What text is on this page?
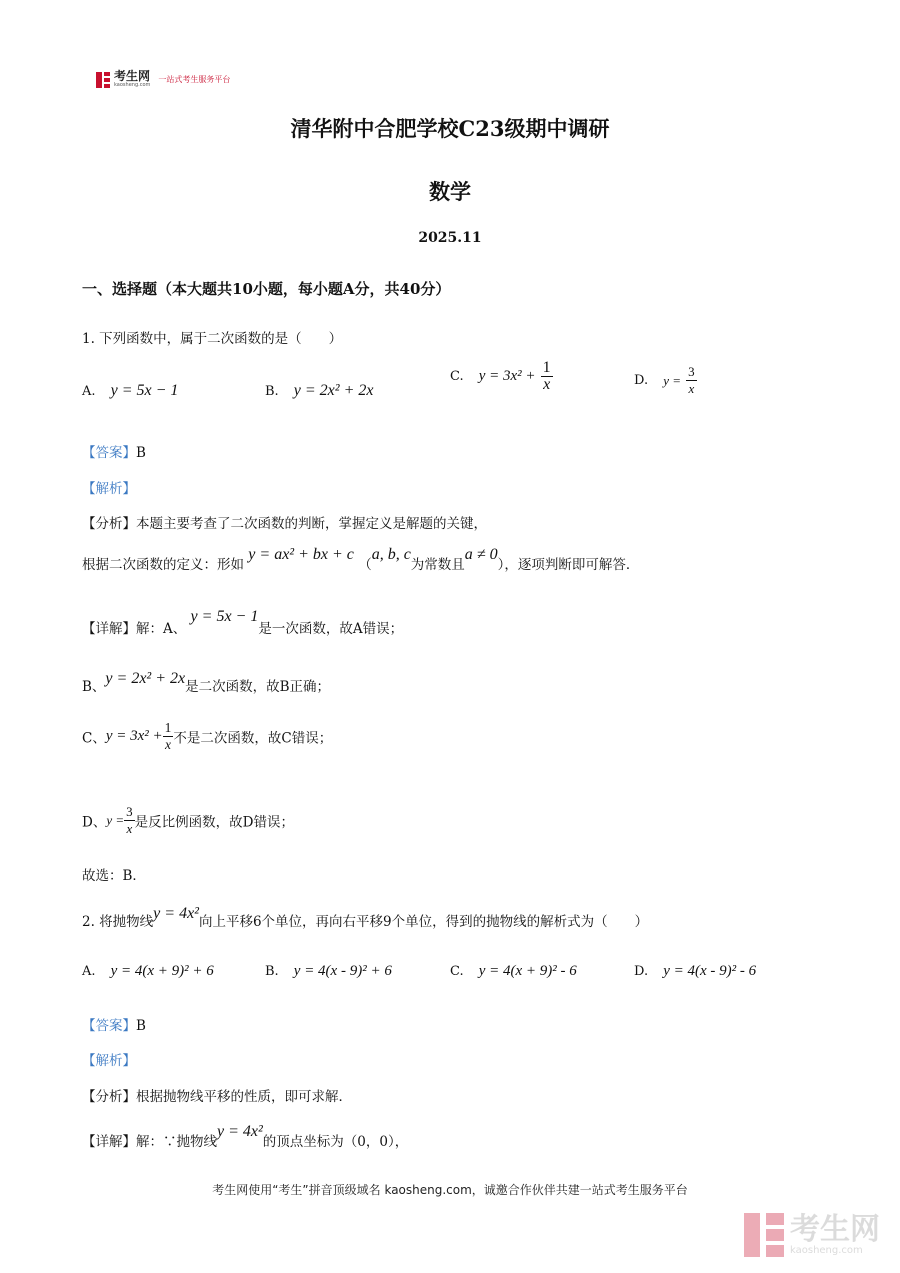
考生网
kaosheng.com
一站式考生服务平台
清华附中合肥学校C23级期中调研
数学
2025.11
一、选择题（本大题共10小题，每小题A分，共40分）
1. 下列函数中，属于二次函数的是（　　）
A. y = 5x − 1	B. y = 2x² + 2x
C. $y = 3x^2 + \frac{1}{x}$	D. $y = \frac{3}{x}$
【答案】B
【解析】
【分析】本题主要考查了二次函数的判断，掌握定义是解题的关键，
根据二次函数的定义：形如 y = ax² + bx + c （a, b, c为常数且a ≠ 0），逐项判断即可解答．
【详解】解：A、 y = 5x − 1是一次函数，故A错误；
B、y = 2x² + 2x是二次函数，故B正确；
C、$y = 3x^2 + \frac{1}{x}$ 不是二次函数，故C错误；
D、$y = \frac{3}{x}$ 是反比例函数，故D错误；
故选：B．
2. 将抛物线y = 4x²向上平移6个单位，再向右平移9个单位，得到的抛物线的解析式为（　　）
A. y = 4(x + 9)² + 6	B. y = 4(x - 9)² + 6	C. y = 4(x + 9)² - 6	D. y = 4(x - 9)² - 6
【答案】B
【解析】
【分析】根据抛物线平移的性质，即可求解．
【详解】解：∵抛物线y = 4x²的顶点坐标为（0，0），
考生网使用“考生”拼音顶级域名 kaosheng.com，诚邀合作伙伴共建一站式考生服务平台
考生网
kaosheng.com
